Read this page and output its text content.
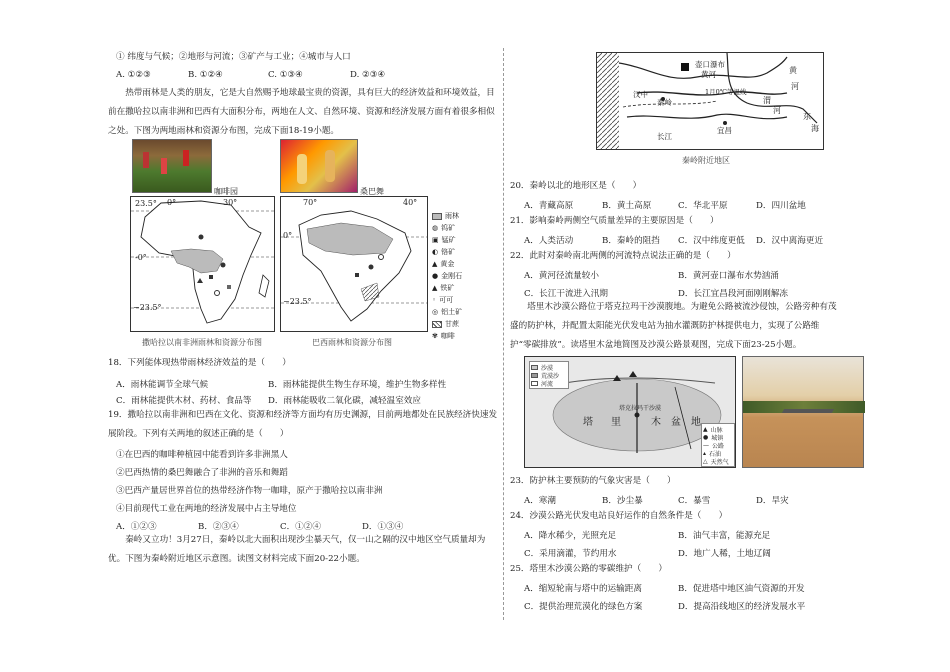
① 纬度与气候；②地形与河流；③矿产与工业；④城市与人口
A. ①②③	B. ①②④	C. ①③④	D. ②③④
热带雨林是人类的朋友，它是大自然赐予地球最宝贵的资源，具有巨大的经济效益和环境效益，目前在撒哈拉以南非洲和巴西有大面积分布，两地在人文、自然环境、资源和经济发展方面有着很多相似之处。下图为两地雨林和资源分布图，完成下面18-19小题。
咖啡园	桑巴舞
23.5°
-0°
−23.5°
0°	30°
撒哈拉以南非洲雨林和资源分布图
70°	40°
0°
−23.5°
巴西雨林和资源分布图
雨林
◍ 钨矿
▣ 锰矿
◐ 铬矿
▲ 黄金
● 金刚石
▲ 铁矿
◦ 可可
◎ 铝土矿
甘蔗
✾ 咖啡
18．下列能体现热带雨林经济效益的是（　　）
A．雨林能调节全球气候	B．雨林能提供生物生存环境，维护生物多样性
C．雨林能提供木材、药材、食品等 D．雨林能吸收二氧化碳，减轻温室效应
19．撒哈拉以南非洲和巴西在文化、资源和经济等方面均有历史渊源，目前两地都处在民族经济快速发展阶段。下列有关两地的叙述正确的是（　　）
①在巴西的咖啡种植园中能看到许多非洲黑人
②巴西热情的桑巴舞融合了非洲的音乐和舞蹈
③巴西产量居世界首位的热带经济作物一咖啡，原产于撒哈拉以南非洲
④目前现代工业在两地的经济发展中占主导地位
A．①②③	B．②③④	C．①②④	D．①③④
秦岭又立功！3月27日，秦岭以北大面积出现沙尘暴天气，仅一山之隔的汉中地区空气质量却为优。下图为秦岭附近地区示意图。读图文材料完成下面20-22小题。
壶口瀑布
黄河	黄
河
汉中
秦岭
1月0℃等温线
渭
河
东
海
长江
宜昌
秦岭附近地区
20．秦岭以北的地形区是（　　）
A．青藏高原	B．黄土高原	C．华北平原	D．四川盆地
21．影响秦岭两侧空气质量差异的主要原因是（　　）
A．人类活动	B．秦岭的阻挡 C．汉中纬度更低 D．汉中离海更近
22．此时对秦岭南北两侧的河流特点说法正确的是（　　）
A．黄河径流量较小	B．黄河壶口瀑布水势汹涌
C．长江干流进入汛期	D．长江宜昌段河面刚刚解冻
塔里木沙漠公路位于塔克拉玛干沙漠腹地。为避免公路被流沙侵蚀，公路旁种有茂盛的防护林，并配置太阳能光伏发电站为抽水灌溉防护林提供电力，实现了公路维护“零碳排放”。读塔里木盆地简图及沙漠公路景观图，完成下面23-25小题。
沙漠
荒漠沙
河流
▲ 山脉
● 城镇
— 公路
▴ 石油
△ 天然气
塔 里	木 盆 地
塔克拉玛干沙漠
23．防护林主要预防的气象灾害是（　　）
A．寒潮	B．沙尘暴	C．暴雪	D．旱灾
24．沙漠公路光伏发电站良好运作的自然条件是（　　）
A．降水稀少，光照充足	B．油气丰富，能源充足
C．采用滴灌，节约用水	D．地广人稀，土地辽阔
25．塔里木沙漠公路的零碳维护（　　）
A．缩短轮南与塔中的运输距离	B．促进塔中地区油气资源的开发
C．提供治理荒漠化的绿色方案	D．提高沿线地区的经济发展水平
